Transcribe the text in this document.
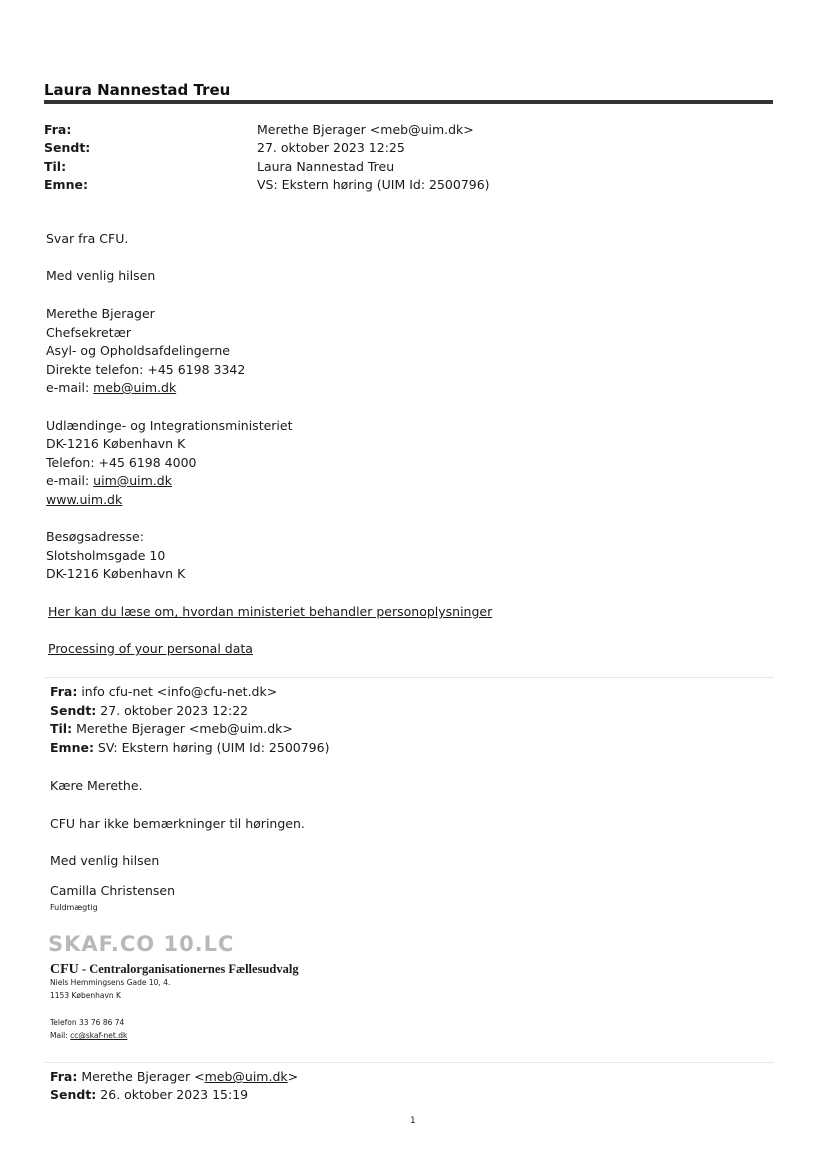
Laura Nannestad Treu
Fra:	Merethe Bjerager <meb@uim.dk>
Sendt:	27. oktober 2023 12:25
Til:	Laura Nannestad Treu
Emne:	VS: Ekstern høring (UIM Id: 2500796)
Svar fra CFU.
Med venlig hilsen
Merethe Bjerager
Chefsekretær
Asyl- og Opholdsafdelingerne
Direkte telefon: +45 6198 3342
e-mail: meb@uim.dk
Udlændinge- og Integrationsministeriet
DK-1216 København K
Telefon: +45 6198 4000
e-mail: uim@uim.dk
www.uim.dk
Besøgsadresse:
Slotsholmsgade 10
DK-1216 København K
Her kan du læse om, hvordan ministeriet behandler personoplysninger
Processing of your personal data
Fra: info cfu-net <info@cfu-net.dk>
Sendt: 27. oktober 2023 12:22
Til: Merethe Bjerager <meb@uim.dk>
Emne: SV: Ekstern høring (UIM Id: 2500796)
Kære Merethe.
CFU har ikke bemærkninger til høringen.
Med venlig hilsen
Camilla Christensen
Fuldmægtig
SKAF.CO 10.LC
CFU - Centralorganisationernes Fællesudvalg
Niels Hemmingsens Gade 10, 4.
1153 København K
Telefon 33 76 86 74
Mail: cc@skaf-net.dk
Fra: Merethe Bjerager <meb@uim.dk>
Sendt: 26. oktober 2023 15:19
1
